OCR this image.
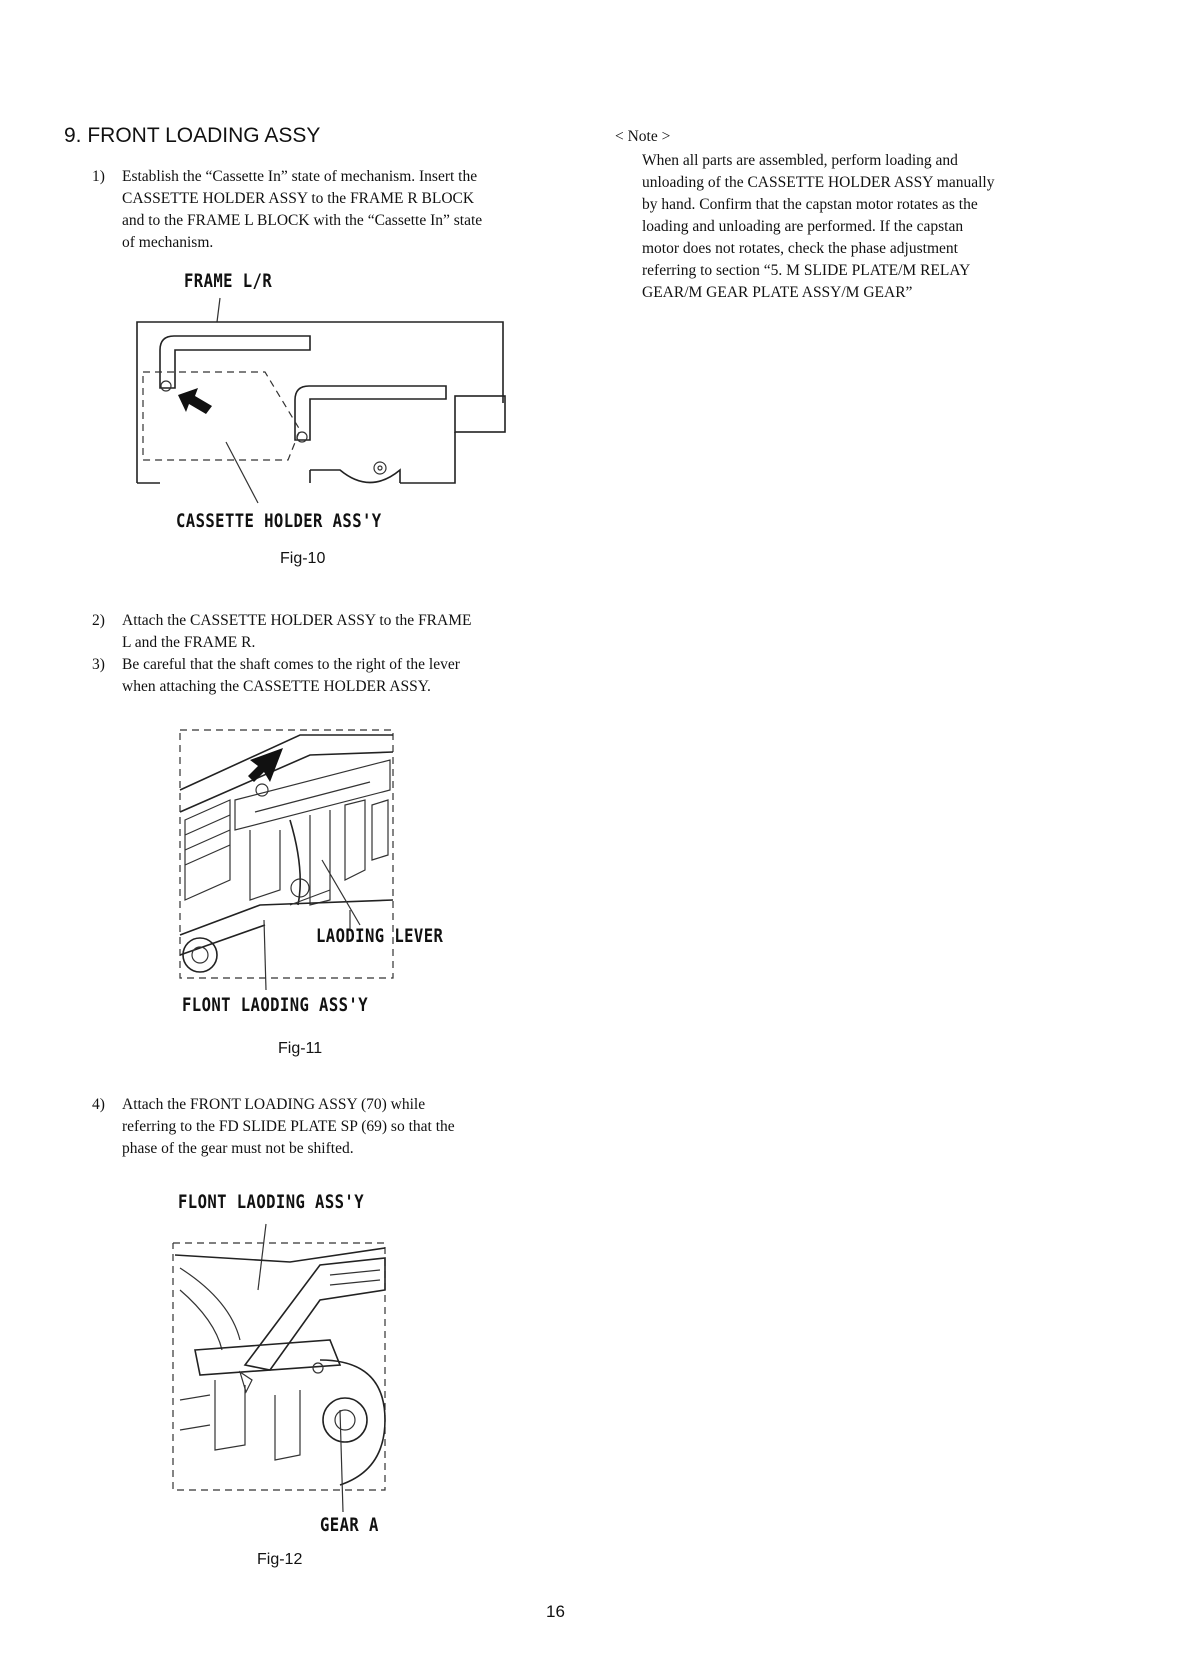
9. FRONT LOADING ASSY
1) Establish the “Cassette In” state of mechanism. Insert the
CASSETTE HOLDER ASSY to the FRAME R BLOCK
and to the FRAME L BLOCK with the “Cassette In” state
of mechanism.
FRAME L/R
CASSETTE HOLDER ASS'Y
Fig-10
2) Attach the CASSETTE HOLDER ASSY to the FRAME
L and the FRAME R.
3) Be careful that the shaft comes to the right of the lever
when attaching the CASSETTE HOLDER ASSY.
LAODING LEVER
FLONT LAODING ASS'Y
Fig-11
4) Attach the FRONT LOADING ASSY (70) while
referring to the FD SLIDE PLATE SP (69) so that the
phase of the gear must not be shifted.
FLONT LAODING ASS'Y
GEAR A
Fig-12
< Note >
When all parts are assembled, perform loading and
unloading of the CASSETTE HOLDER ASSY manually
by hand. Confirm that the capstan motor rotates as the
loading and unloading are performed. If the capstan
motor does not rotates, check the phase adjustment
referring to section “5. M SLIDE PLATE/M RELAY
GEAR/M GEAR PLATE ASSY/M GEAR”
16
